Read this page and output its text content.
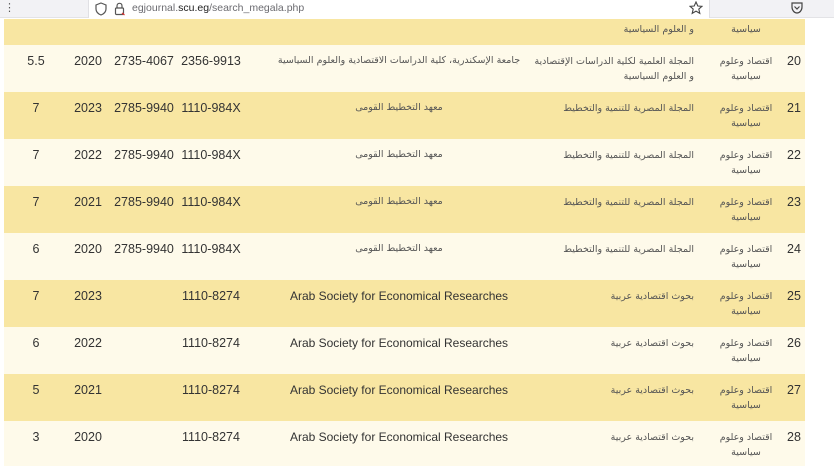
⋮	egjournal.scu.eg/search_megala.php
سياسية
و العلوم السياسية
20
اقتصاد وعلوم سياسية
المجلة العلمية لكلية الدراسات الإقتصادية و العلوم السياسية
جامعة الإسكندرية، كلية الدراسات الاقتصادية والعلوم السياسية
2356-9913
2735-4067
2020
5.5
21
اقتصاد وعلوم سياسية
المجلة المصرية للتنمية والتخطيط
معهد التخطيط القومى
1110-984X
2785-9940
2023
7
22
اقتصاد وعلوم سياسية
المجلة المصرية للتنمية والتخطيط
معهد التخطيط القومى
1110-984X
2785-9940
2022
7
23
اقتصاد وعلوم سياسية
المجلة المصرية للتنمية والتخطيط
معهد التخطيط القومى
1110-984X
2785-9940
2021
7
24
اقتصاد وعلوم سياسية
المجلة المصرية للتنمية والتخطيط
معهد التخطيط القومى
1110-984X
2785-9940
2020
6
25
اقتصاد وعلوم سياسية
بحوث اقتصادية عربية
Arab Society for Economical Researches
1110-8274
2023
7
26
اقتصاد وعلوم سياسية
بحوث اقتصادية عربية
Arab Society for Economical Researches
1110-8274
2022
6
27
اقتصاد وعلوم سياسية
بحوث اقتصادية عربية
Arab Society for Economical Researches
1110-8274
2021
5
28
اقتصاد وعلوم سياسية
بحوث اقتصادية عربية
Arab Society for Economical Researches
1110-8274
2020
3
